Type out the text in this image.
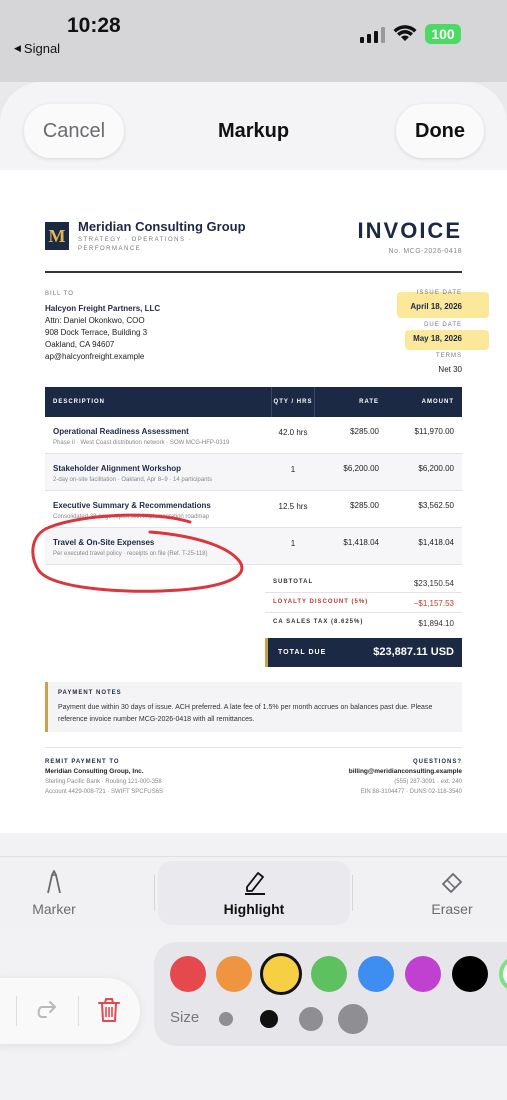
10:28
◀ Signal
100
Cancel	Markup	Done
M Meridian Consulting Group
STRATEGY · OPERATIONS · PERFORMANCE
INVOICE
No. MCG-2026-0418
BILL TO
Halcyon Freight Partners, LLC
Attn: Daniel Okonkwo, COO
908 Dock Terrace, Building 3
Oakland, CA 94607
ap@halcyonfreight.example
ISSUE DATE
April 18, 2026
DUE DATE
May 18, 2026
TERMS
Net 30
DESCRIPTION	QTY / HRS	RATE	AMOUNT
Operational Readiness Assessment
Phase II · West Coast distribution network · SOW MCG-HFP-0319
42.0 hrs	$285.00	$11,970.00
Stakeholder Alignment Workshop
2-day on-site facilitation · Oakland, Apr 8–9 · 14 participants
1	$6,200.00	$6,200.00
Executive Summary & Recommendations
Consolidated 38-page report with implementation roadmap
12.5 hrs	$285.00	$3,562.50
Travel & On-Site Expenses
Per executed travel policy · receipts on file (Ref. T-25-118)
1	$1,418.04	$1,418.04
SUBTOTAL	$23,150.54
LOYALTY DISCOUNT (5%)	−$1,157.53
CA SALES TAX (8.625%)	$1,894.10
TOTAL DUE	$23,887.11 USD
PAYMENT NOTES
Payment due within 30 days of issue. ACH preferred. A late fee of 1.5% per month accrues on balances past due. Please reference invoice number MCG-2026-0418 with all remittances.
REMIT PAYMENT TO
Meridian Consulting Group, Inc.
Sterling Pacific Bank · Routing 121-000-358
Account 4429-008-721 · SWIFT SPCFUS6S
QUESTIONS?
billing@meridianconsulting.example
(555) 287-3091 · ext. 240
EIN 88-3104477 · DUNS 02-118-3540
Marker	Highlight	Eraser
Size
